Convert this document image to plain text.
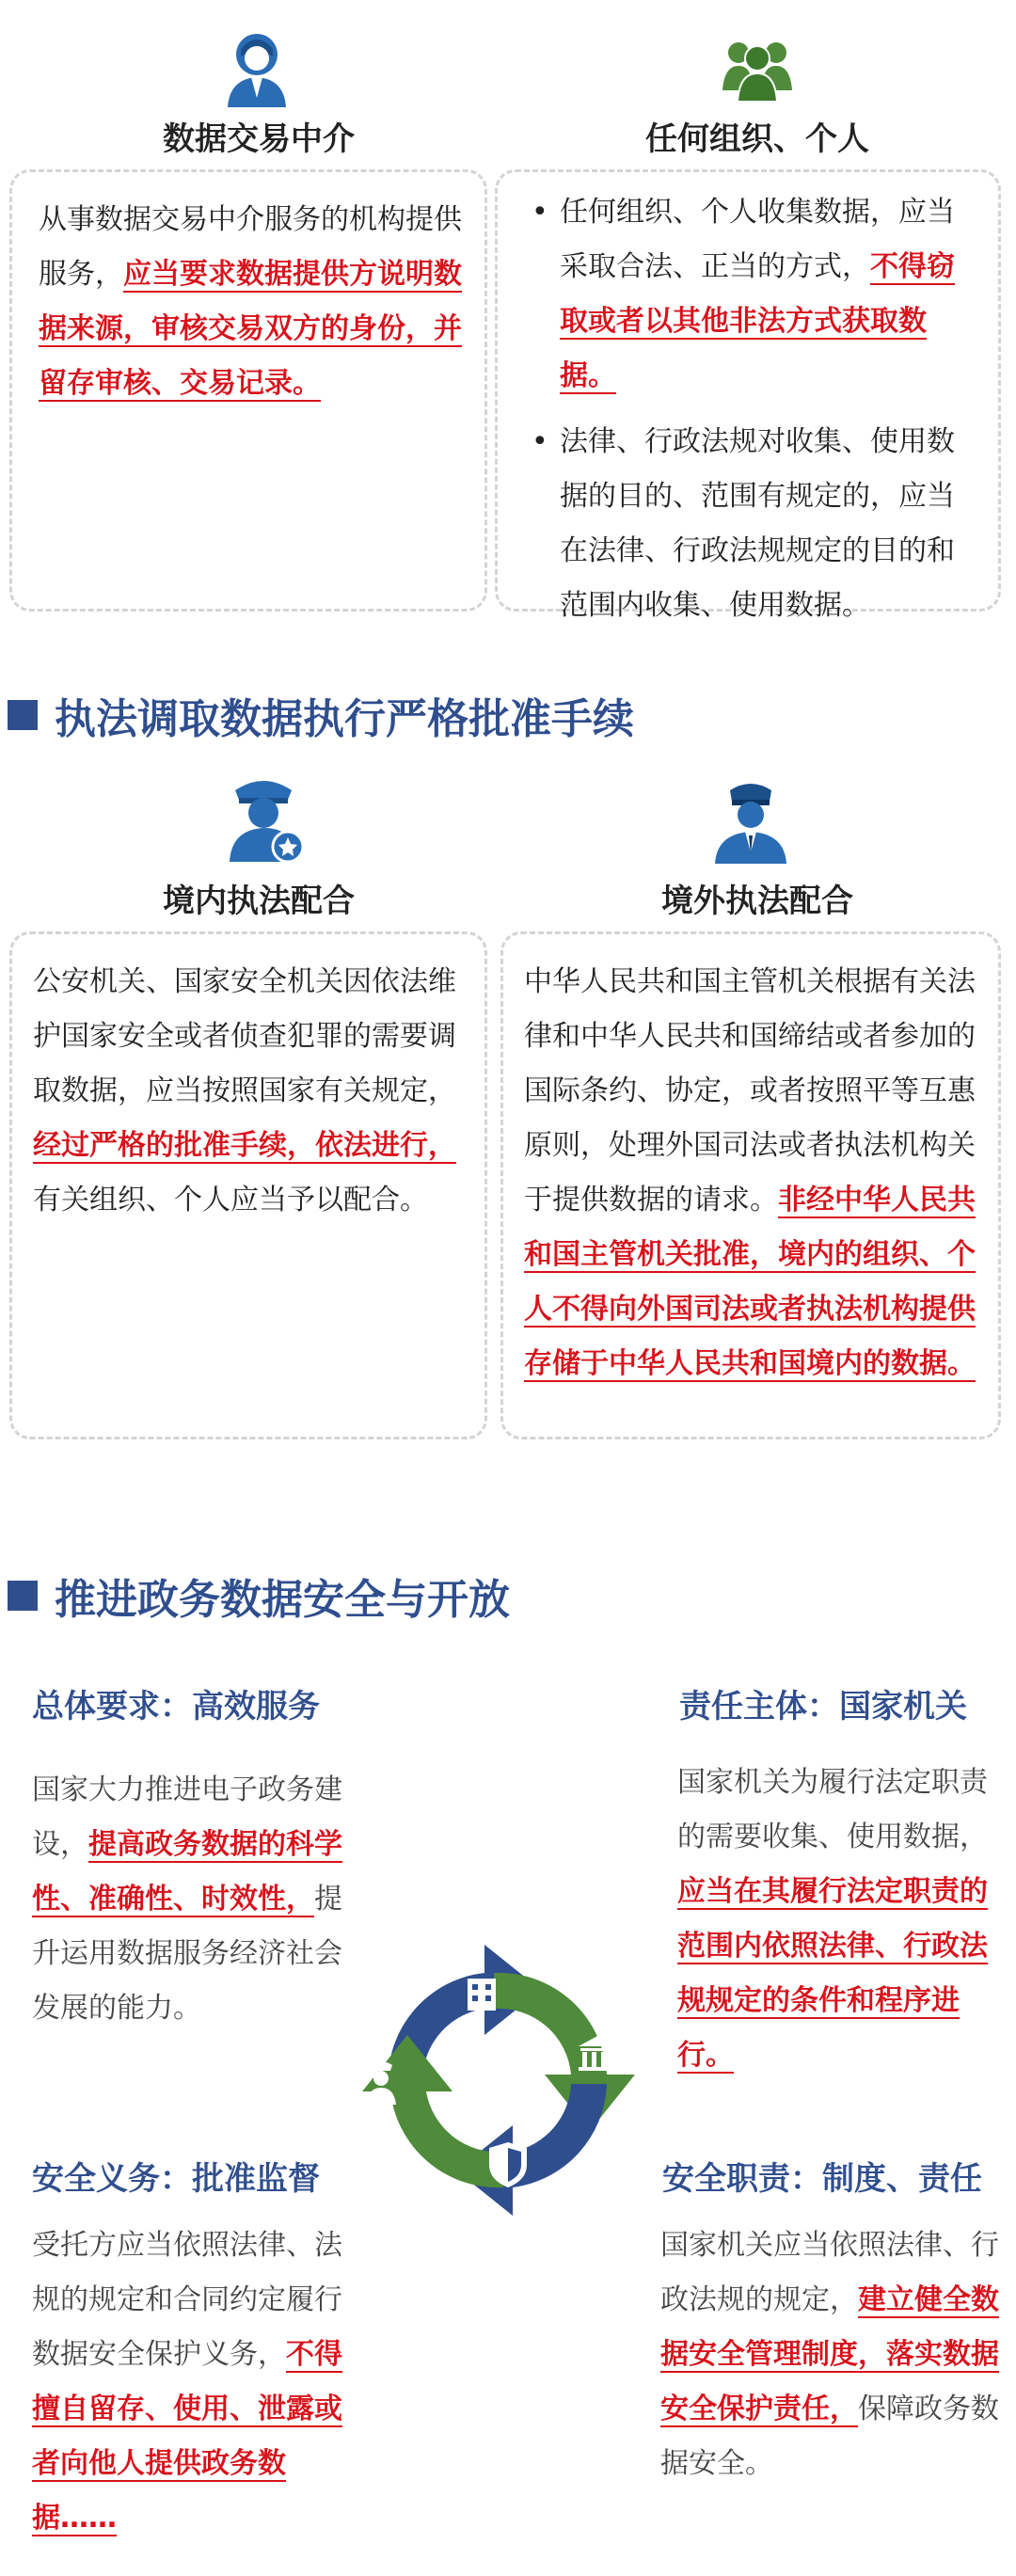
数据交易中介	任何组织、个人
从事数据交易中介服务的机构提供服务，应当要求数据提供方说明数据来源，审核交易双方的身份，并留存审核、交易记录。
• 任何组织、个人收集数据，应当采取合法、正当的方式，不得窃取或者以其他非法方式获取数据。
• 法律、行政法规对收集、使用数据的目的、范围有规定的，应当在法律、行政法规规定的目的和范围内收集、使用数据。
执法调取数据执行严格批准手续
境内执法配合	境外执法配合
公安机关、国家安全机关因依法维护国家安全或者侦查犯罪的需要调取数据，应当按照国家有关规定，经过严格的批准手续，依法进行，有关组织、个人应当予以配合。
中华人民共和国主管机关根据有关法律和中华人民共和国缔结或者参加的国际条约、协定，或者按照平等互惠原则，处理外国司法或者执法机构关于提供数据的请求。非经中华人民共和国主管机关批准，境内的组织、个人不得向外国司法或者执法机构提供存储于中华人民共和国境内的数据。
推进政务数据安全与开放
总体要求：高效服务
国家大力推进电子政务建设，提高政务数据的科学性、准确性、时效性，提升运用数据服务经济社会发展的能力。
责任主体：国家机关
国家机关为履行法定职责的需要收集、使用数据，应当在其履行法定职责的范围内依照法律、行政法规规定的条件和程序进行。
安全义务：批准监督
受托方应当依照法律、法规的规定和合同约定履行数据安全保护义务，不得擅自留存、使用、泄露或者向他人提供政务数据……
安全职责：制度、责任
国家机关应当依照法律、行政法规的规定，建立健全数据安全管理制度，落实数据安全保护责任，保障政务数据安全。
